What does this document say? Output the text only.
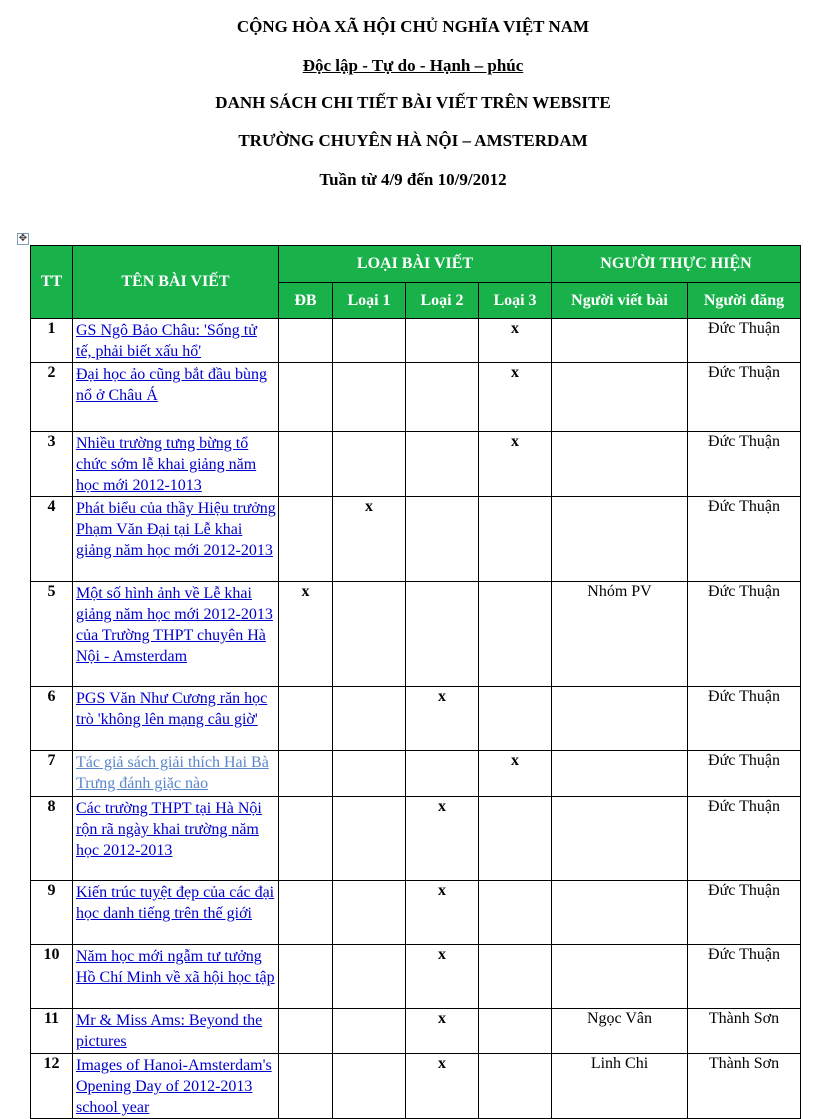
CỘNG HÒA XÃ HỘI CHỦ NGHĨA VIỆT NAM
Độc lập - Tự do - Hạnh – phúc
DANH SÁCH CHI TIẾT BÀI VIẾT TRÊN WEBSITE
TRƯỜNG CHUYÊN HÀ NỘI – AMSTERDAM
Tuần từ 4/9 đến 10/9/2012
✥
TT	TÊN BÀI VIẾT	LOẠI BÀI VIẾT				NGƯỜI THỰC HIỆN	
		ĐB	Loại 1	Loại 2	Loại 3	Người viết bài	Người đăng
1	GS Ngô Bảo Châu: 'Sống tử tế, phải biết xấu hổ'				x		Đức Thuận
2	Đại học ảo cũng bắt đầu bùng nổ ở Châu Á				x		Đức Thuận
3	Nhiều trường tưng bừng tổ chức sớm lễ khai giảng năm học mới 2012-1013				x		Đức Thuận
4	Phát biểu của thầy Hiệu trưởng Phạm Văn Đại tại Lễ khai giảng năm học mới 2012-2013		x				Đức Thuận
5	Một số hình ảnh về Lễ khai giảng năm học mới 2012-2013 của Trường THPT chuyên Hà Nội - Amsterdam	x				Nhóm PV	Đức Thuận
6	PGS Văn Như Cương răn học trò 'không lên mạng câu giờ'			x			Đức Thuận
7	Tác giả sách giải thích Hai Bà Trưng đánh giặc nào				x		Đức Thuận
8	Các trường THPT tại Hà Nội rộn rã ngày khai trường năm học 2012-2013			x			Đức Thuận
9	Kiến trúc tuyệt đẹp của các đại học danh tiếng trên thế giới			x			Đức Thuận
10	Năm học mới ngẫm tư tưởng Hồ Chí Minh về xã hội học tập			x			Đức Thuận
11	Mr & Miss Ams: Beyond the pictures			x		Ngọc Vân	Thành Sơn
12	Images of Hanoi-Amsterdam's Opening Day of 2012-2013 school year			x		Linh Chi	Thành Sơn
